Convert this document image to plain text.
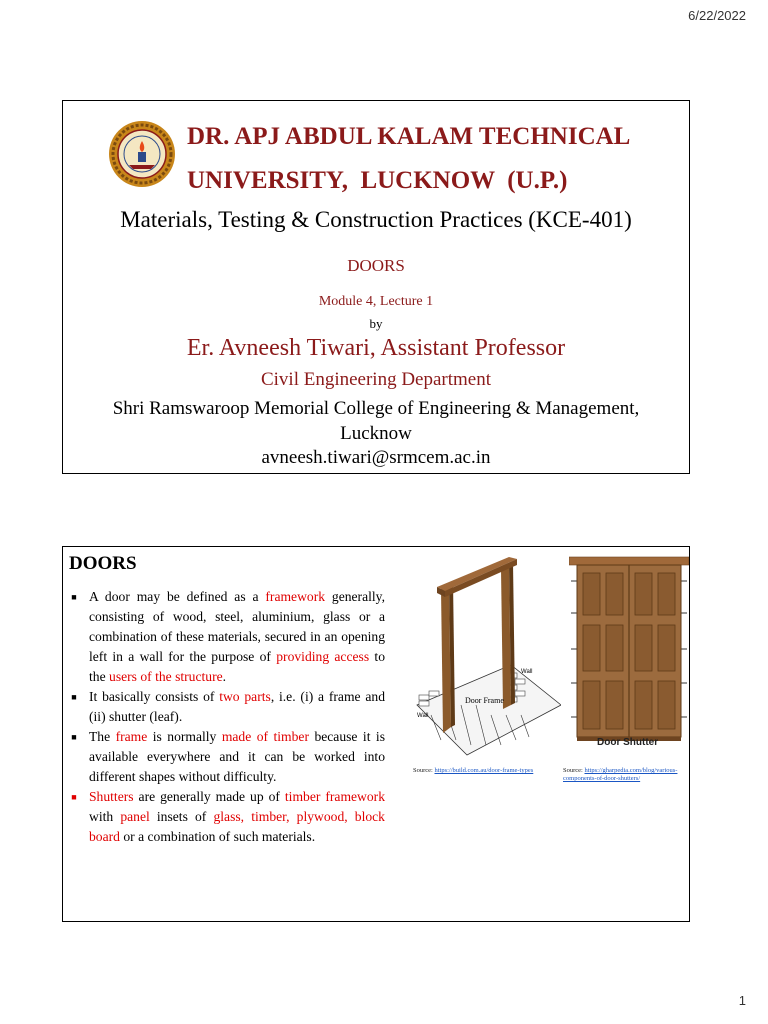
6/22/2022
DR. APJ ABDUL KALAM TECHNICAL
UNIVERSITY,  LUCKNOW  (U.P.)
Materials, Testing & Construction Practices (KCE-401)
DOORS
Module 4, Lecture 1
by
Er. Avneesh Tiwari, Assistant Professor
Civil Engineering Department
Shri Ramswaroop Memorial College of Engineering & Management,
Lucknow
avneesh.tiwari@srmcem.ac.in
DOORS
■ A door may be defined as a framework generally, consisting of wood, steel, aluminium, glass or a combination of these materials, secured in an opening left in a wall for the purpose of providing access to the users of the structure.
■ It basically consists of two parts, i.e. (i) a frame and (ii) shutter (leaf).
■ The frame is normally made of timber because it is available everywhere and it can be worked into different shapes without difficulty.
■ Shutters are generally made up of timber framework with panel insets of glass, timber, plywood, block board or a combination of such materials.
Door Frame
Wall
Wall
Door Shutter
Source: https://build.com.au/door-frame-types	Source: https://gharpedia.com/blog/various-components-of-door-shutters/
1
